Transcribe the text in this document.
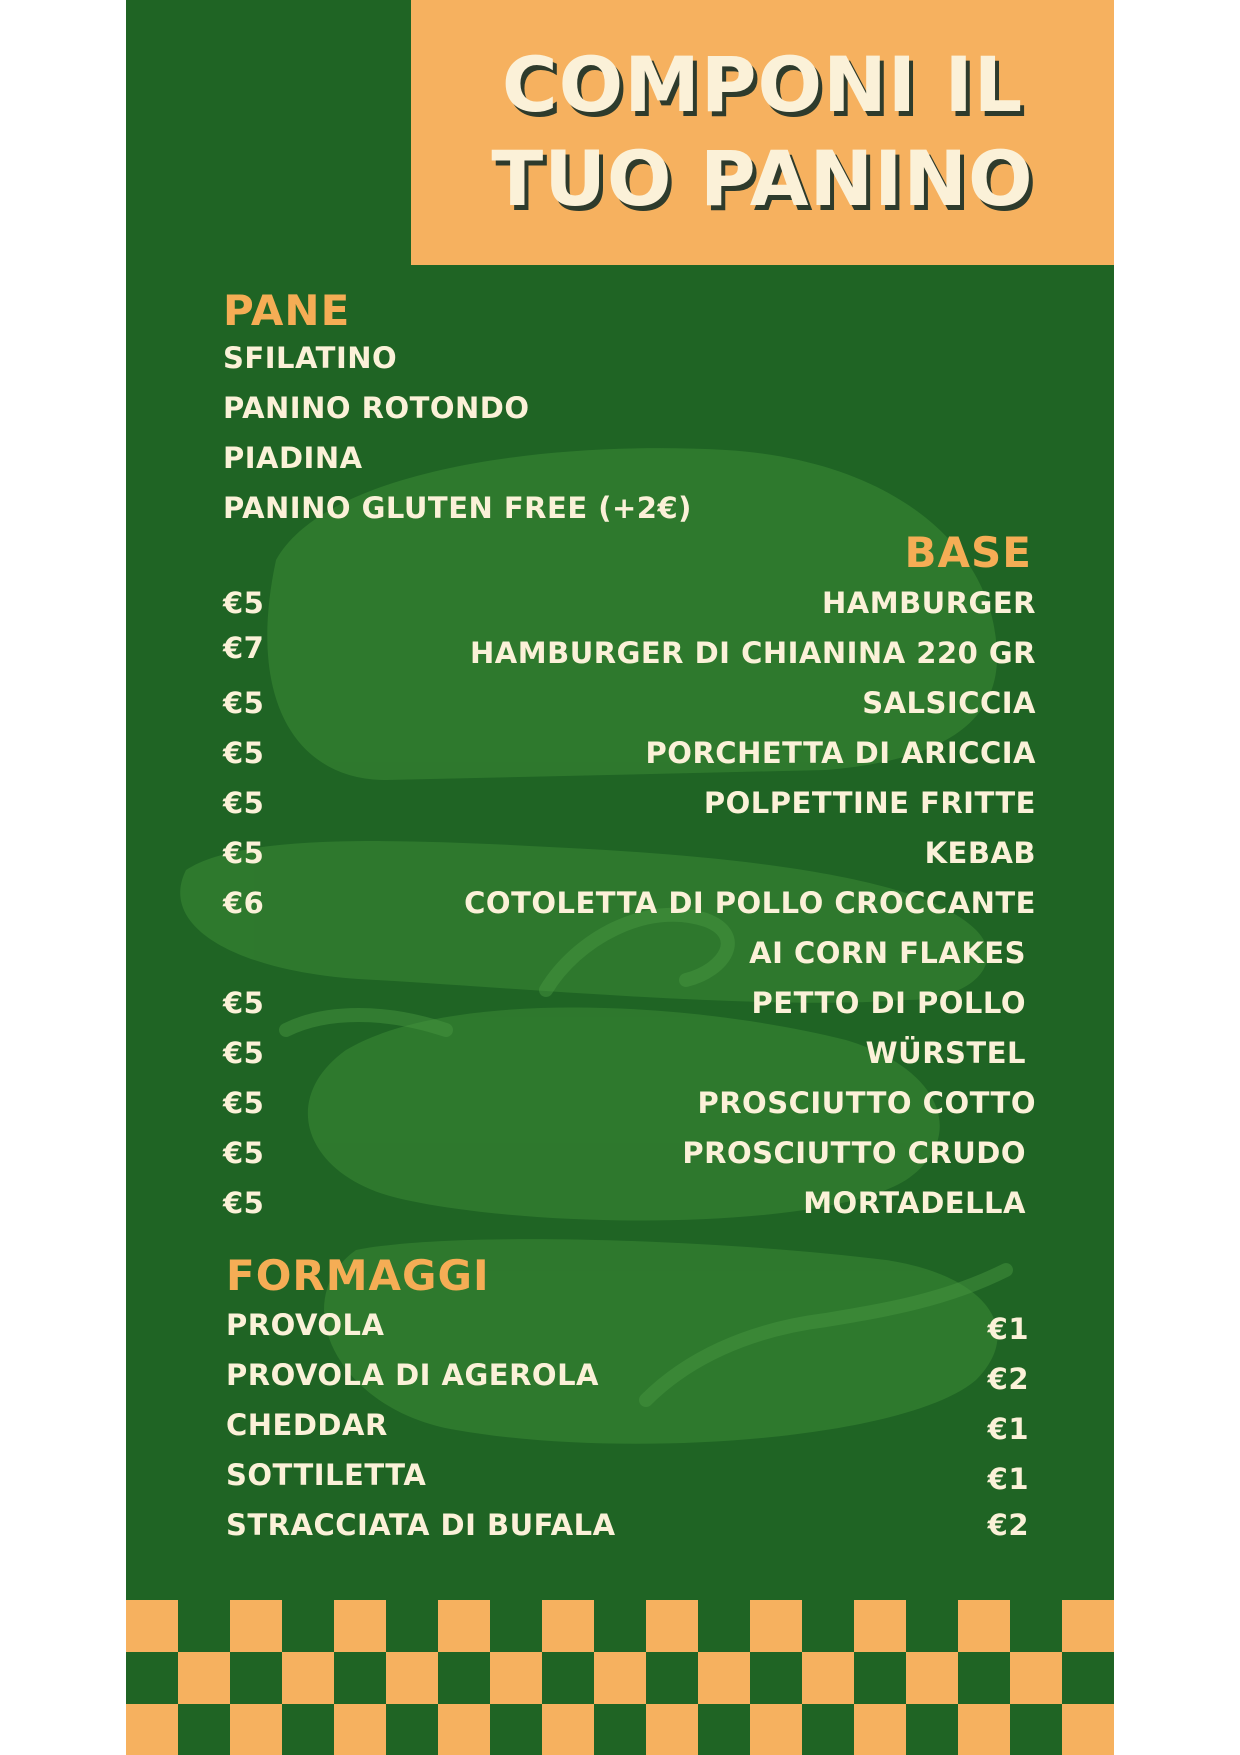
COMPONI IL
TUO PANINO
PANE
SFILATINO
PANINO ROTONDO
PIADINA
PANINO GLUTEN FREE (+2€)
BASE
€5	HAMBURGER
€7	HAMBURGER DI CHIANINA 220 GR
€5	SALSICCIA
€5	PORCHETTA DI ARICCIA
€5	POLPETTINE FRITTE
€5	KEBAB
€6	COTOLETTA DI POLLO CROCCANTE
AI CORN FLAKES
€5	PETTO DI POLLO
€5	WÜRSTEL
€5	PROSCIUTTO COTTO
€5	PROSCIUTTO CRUDO
€5	MORTADELLA
FORMAGGI
PROVOLA	€1
PROVOLA DI AGEROLA	€2
CHEDDAR	€1
SOTTILETTA	€1
STRACCIATA DI BUFALA	€2
